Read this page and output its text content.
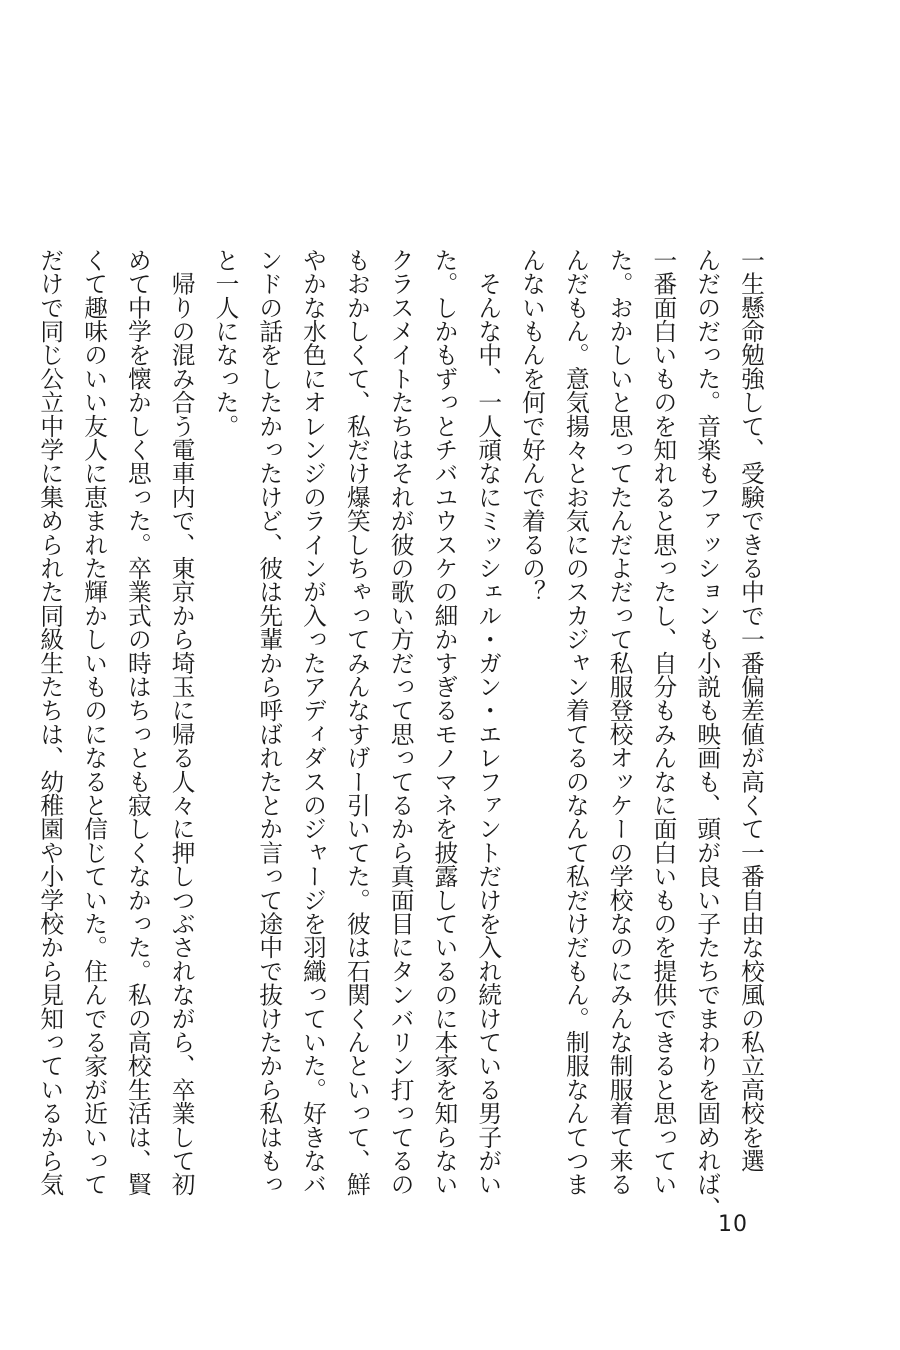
一生懸命勉強して、受験できる中で一番偏差値が高くて一番自由な校風の私立高校を選
んだのだった。音楽もファッションも小説も映画も、頭が良い子たちでまわりを固めれば、
一番面白いものを知れると思ったし、自分もみんなに面白いものを提供できると思ってい
た。おかしいと思ってたんだよだって私服登校オッケーの学校なのにみんな制服着て来る
んだもん。意気揚々とお気にのスカジャン着てるのなんて私だけだもん。制服なんてつま
んないもんを何で好んで着るの？
　そんな中、一人頑なにミッシェル・ガン・エレファントだけを入れ続けている男子がい
た。しかもずっとチバユウスケの細かすぎるモノマネを披露しているのに本家を知らない
クラスメイトたちはそれが彼の歌い方だって思ってるから真面目にタンバリン打ってるの
もおかしくて、私だけ爆笑しちゃってみんなすげー引いてた。彼は石関くんといって、鮮
やかな水色にオレンジのラインが入ったアディダスのジャージを羽織っていた。好きなバ
ンドの話をしたかったけど、彼は先輩から呼ばれたとか言って途中で抜けたから私はもっ
と一人になった。
　帰りの混み合う電車内で、東京から埼玉に帰る人々に押しつぶされながら、卒業して初
めて中学を懐かしく思った。卒業式の時はちっとも寂しくなかった。私の高校生活は、賢
くて趣味のいい友人に恵まれた輝かしいものになると信じていた。住んでる家が近いって
だけで同じ公立中学に集められた同級生たちは、幼稚園や小学校から見知っているから気
10
